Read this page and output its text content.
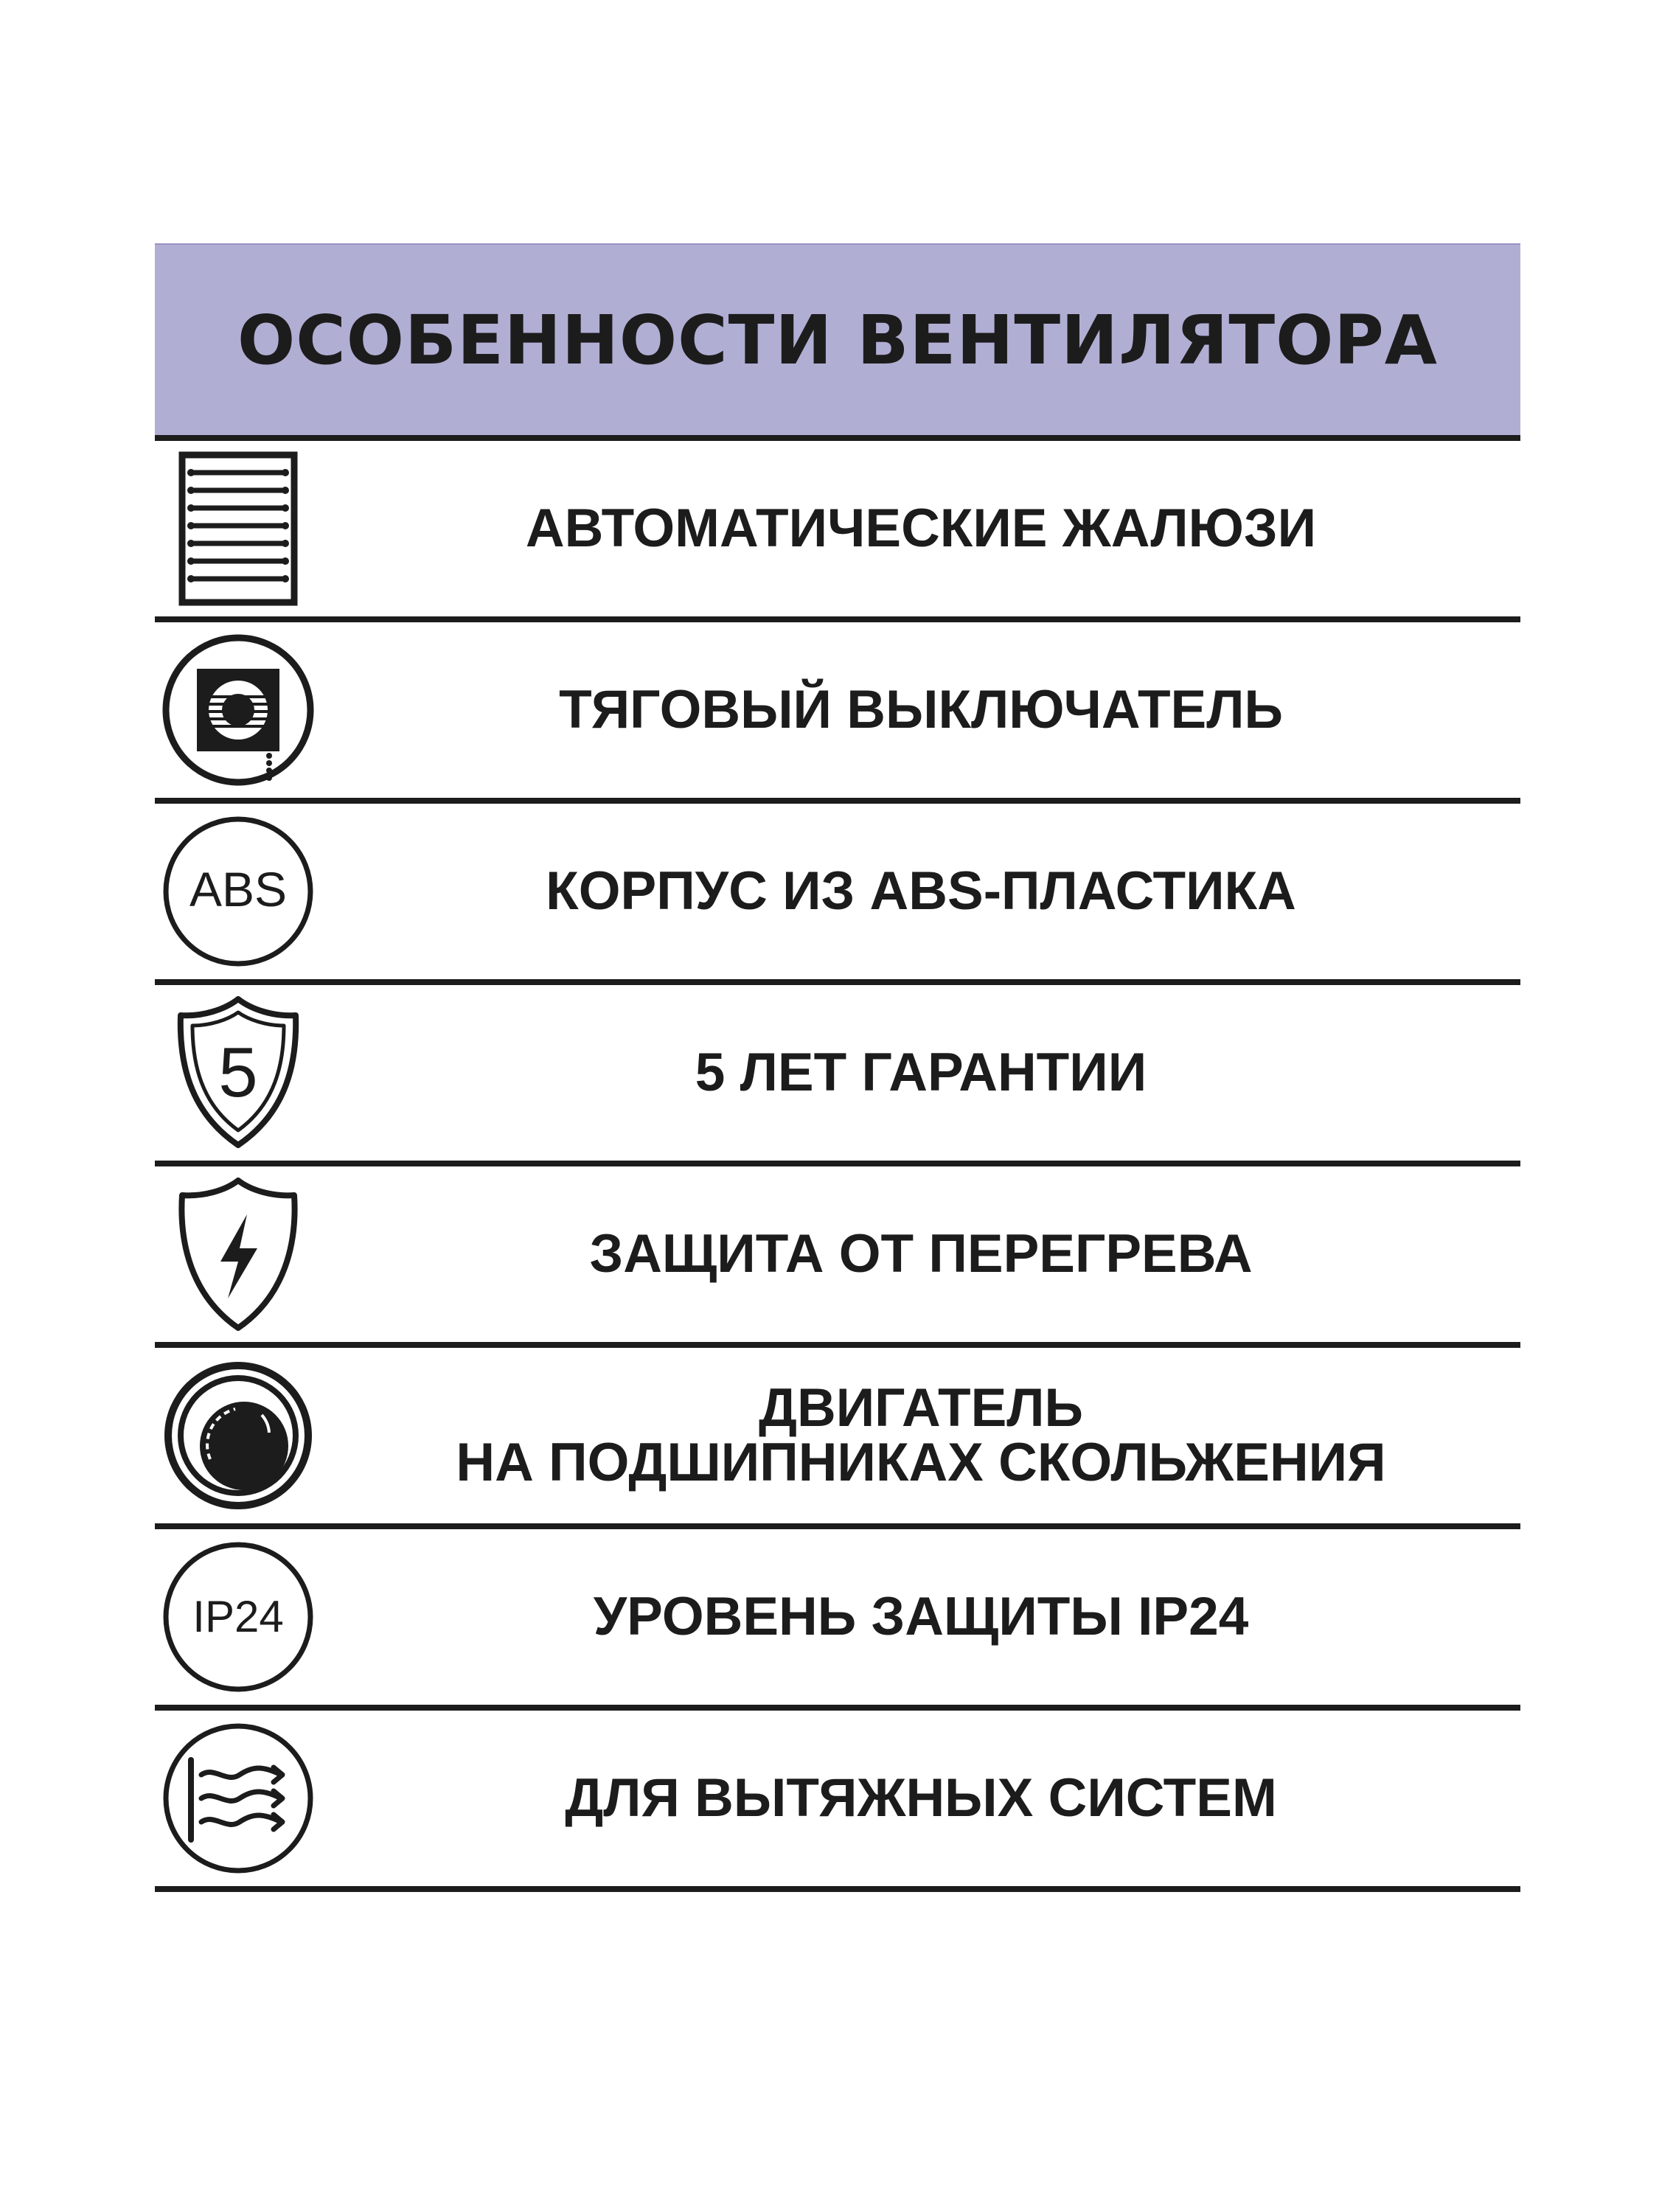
ОСОБЕННОСТИ ВЕНТИЛЯТОРА
АВТОМАТИЧЕСКИЕ ЖАЛЮЗИ
ТЯГОВЫЙ ВЫКЛЮЧАТЕЛЬ
ABS	КОРПУС ИЗ ABS-ПЛАСТИКА
5	5 ЛЕТ ГАРАНТИИ
ЗАЩИТА ОТ ПЕРЕГРЕВА
ДВИГАТЕЛЬ
НА ПОДШИПНИКАХ СКОЛЬЖЕНИЯ
IP24	УРОВЕНЬ ЗАЩИТЫ IP24
ДЛЯ ВЫТЯЖНЫХ СИСТЕМ
